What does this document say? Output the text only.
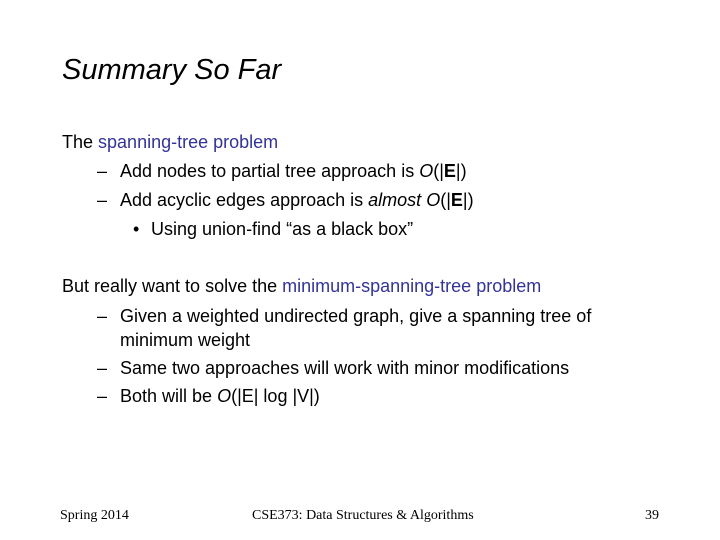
Summary So Far
The spanning-tree problem
– Add nodes to partial tree approach is O(|E|)
– Add acyclic edges approach is almost O(|E|)
• Using union-find “as a black box”
But really want to solve the minimum-spanning-tree problem
– Given a weighted undirected graph, give a spanning tree of
minimum weight
– Same two approaches will work with minor modifications
– Both will be O(|E| log |V|)
Spring 2014	CSE373: Data Structures & Algorithms	39
